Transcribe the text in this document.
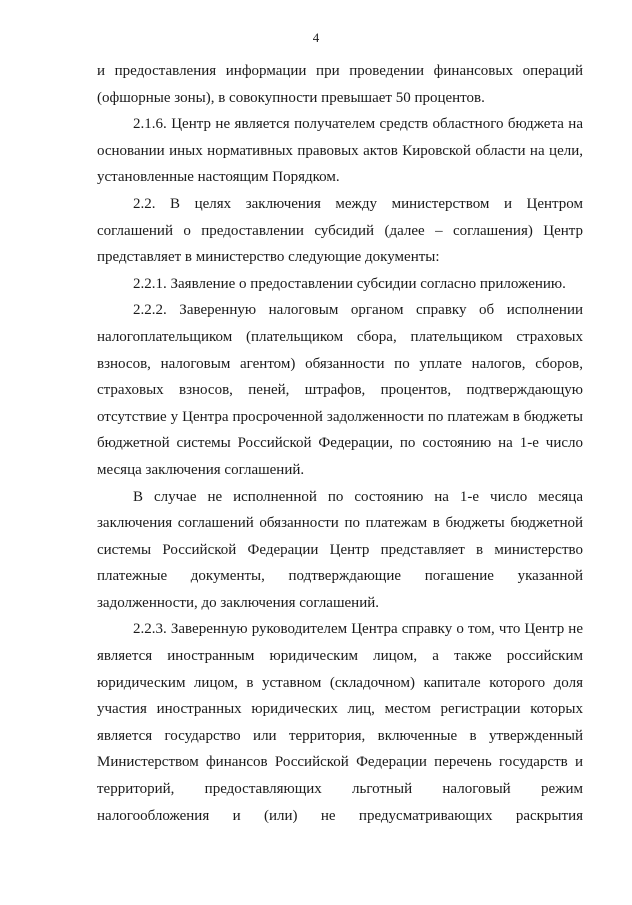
4

и предоставления информации при проведении финансовых операций (офшорные зоны), в совокупности превышает 50 процентов.

2.1.6. Центр не является получателем средств областного бюджета на основании иных нормативных правовых актов Кировской области на цели, установленные настоящим Порядком.

2.2. В целях заключения между министерством и Центром соглашений о предоставлении субсидий (далее – соглашения) Центр представляет в министерство следующие документы:

2.2.1. Заявление о предоставлении субсидии согласно приложению.

2.2.2. Заверенную налоговым органом справку об исполнении налогоплательщиком (плательщиком сбора, плательщиком страховых взносов, налоговым агентом) обязанности по уплате налогов, сборов, страховых взносов, пеней, штрафов, процентов, подтверждающую отсутствие у Центра просроченной задолженности по платежам в бюджеты бюджетной системы Российской Федерации, по состоянию на 1-е число месяца заключения соглашений.

В случае не исполненной по состоянию на 1-е число месяца заключения соглашений обязанности по платежам в бюджеты бюджетной системы Российской Федерации Центр представляет в министерство платежные документы, подтверждающие погашение указанной задолженности, до заключения соглашений.

2.2.3. Заверенную руководителем Центра справку о том, что Центр не является иностранным юридическим лицом, а также российским юридическим лицом, в уставном (складочном) капитале которого доля участия иностранных юридических лиц, местом регистрации которых является государство или территория, включенные в утвержденный Министерством финансов Российской Федерации перечень государств и территорий, предоставляющих льготный налоговый режим налогообложения и (или) не предусматривающих раскрытия
